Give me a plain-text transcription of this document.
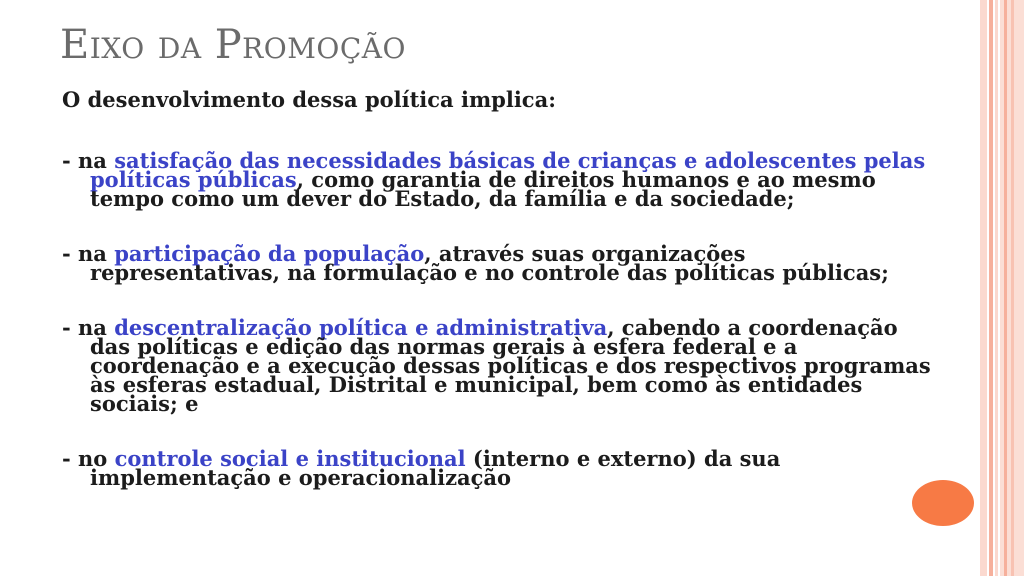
Eixo da Promoção

O desenvolvimento dessa política implica:

- na satisfação das necessidades básicas de crianças e adolescentes pelas políticas públicas, como garantia de direitos humanos e ao mesmo tempo como um dever do Estado, da família e da sociedade;

- na participação da população, através suas organizações representativas, na formulação e no controle das políticas públicas;

- na descentralização política e administrativa, cabendo a coordenação das políticas e edição das normas gerais à esfera federal e a coordenação e a execução dessas políticas e dos respectivos programas às esferas estadual, Distrital e municipal, bem como às entidades sociais; e

- no controle social e institucional (interno e externo) da sua implementação e operacionalização
